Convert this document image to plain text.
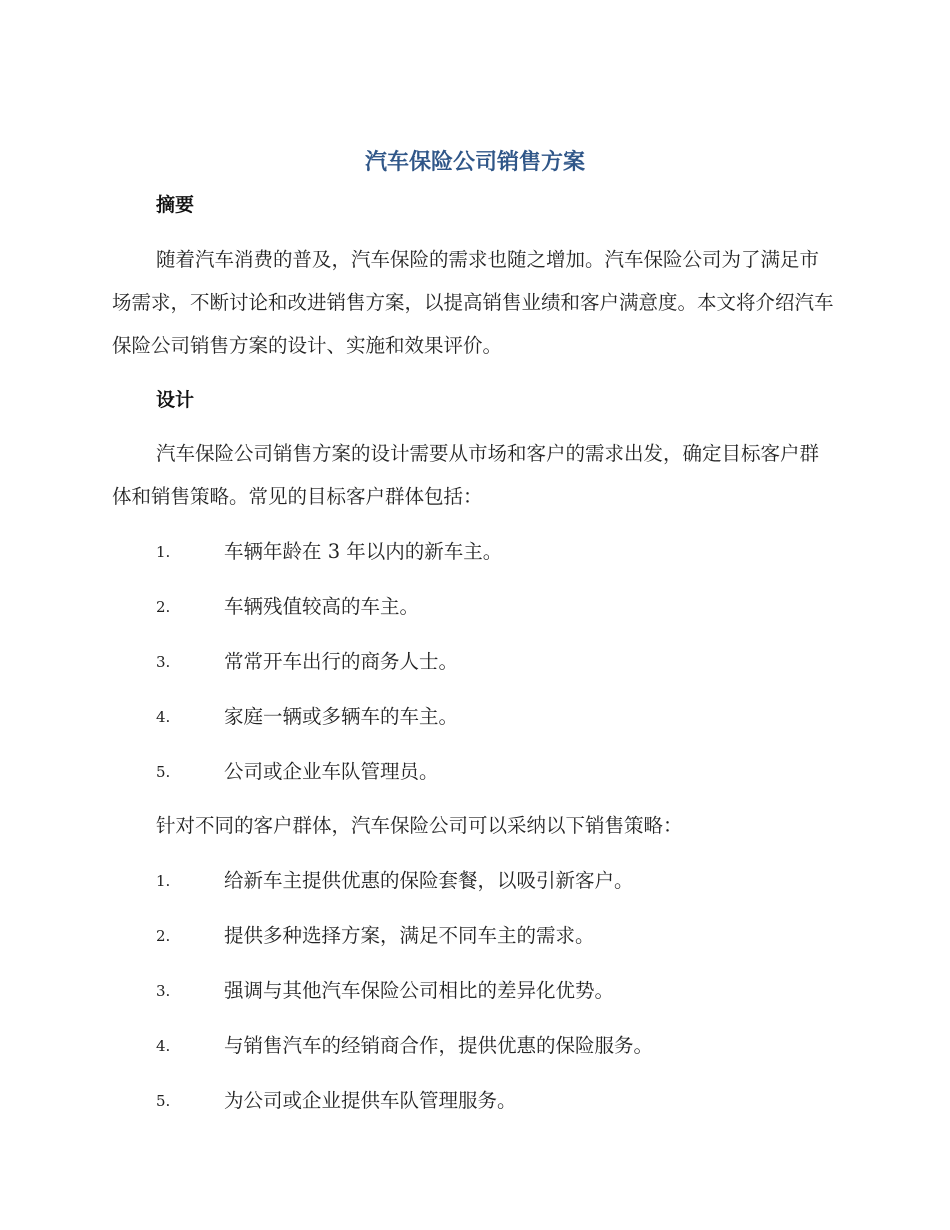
汽车保险公司销售方案
摘要

随着汽车消费的普及，汽车保险的需求也随之增加。汽车保险公司为了满足市场需求，不断讨论和改进销售方案，以提高销售业绩和客户满意度。本文将介绍汽车保险公司销售方案的设计、实施和效果评价。

设计

汽车保险公司销售方案的设计需要从市场和客户的需求出发，确定目标客户群体和销售策略。常见的目标客户群体包括：

1.	车辆年龄在 3 年以内的新车主。
2.	车辆残值较高的车主。
3.	常常开车出行的商务人士。
4.	家庭一辆或多辆车的车主。
5.	公司或企业车队管理员。

针对不同的客户群体，汽车保险公司可以采纳以下销售策略：

1.	给新车主提供优惠的保险套餐，以吸引新客户。
2.	提供多种选择方案，满足不同车主的需求。
3.	强调与其他汽车保险公司相比的差异化优势。
4.	与销售汽车的经销商合作，提供优惠的保险服务。
5.	为公司或企业提供车队管理服务。
